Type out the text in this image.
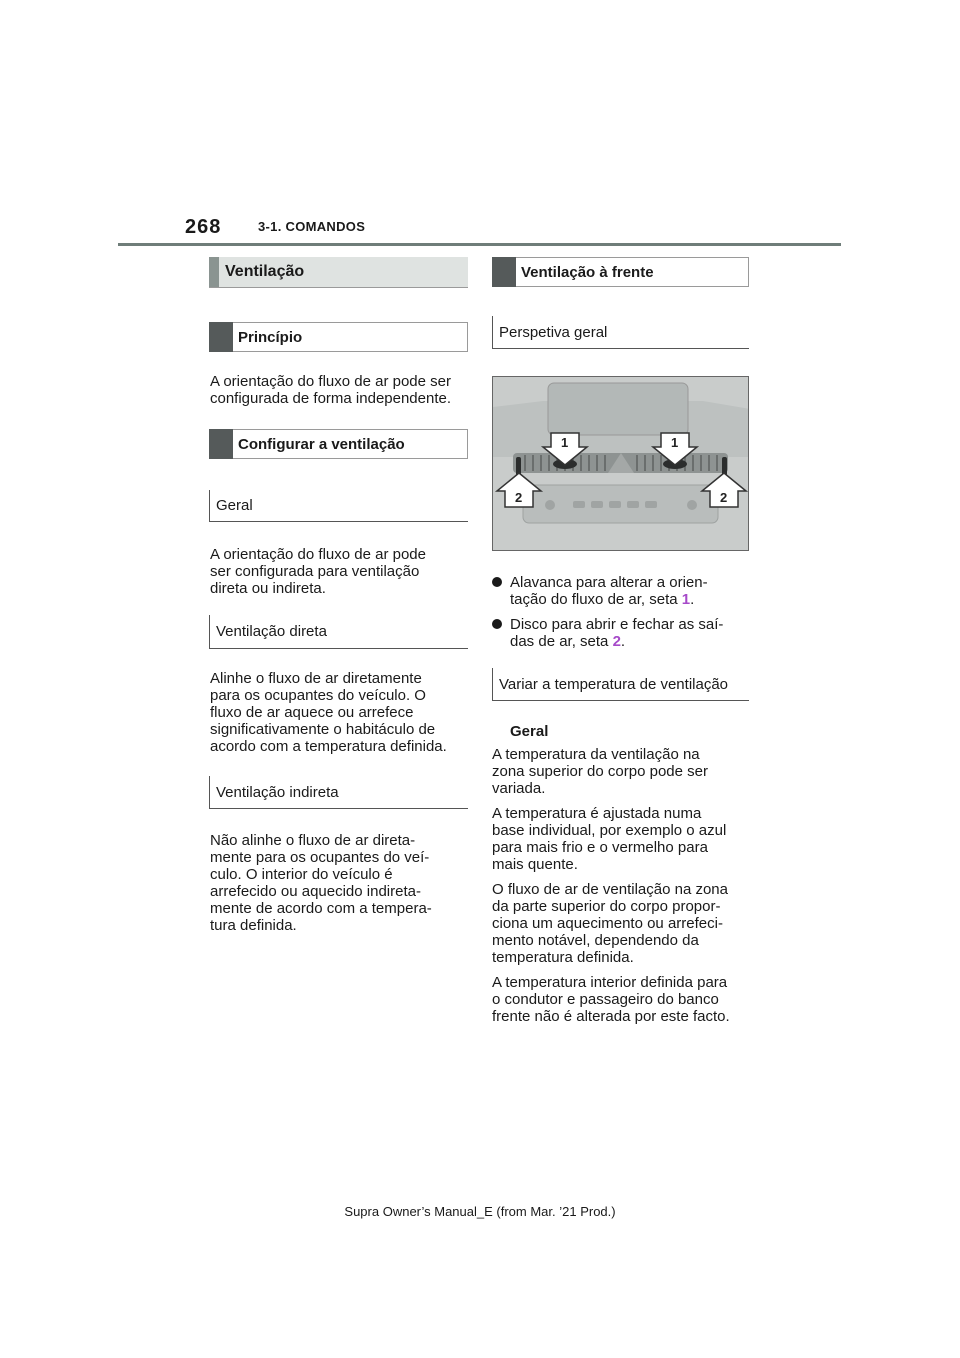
268	3-1. COMANDOS
Ventilação
Princípio
A orientação do fluxo de ar pode ser
configurada de forma independente.
Configurar a ventilação
Geral
A orientação do fluxo de ar pode
ser configurada para ventilação
direta ou indireta.
Ventilação direta
Alinhe o fluxo de ar diretamente
para os ocupantes do veículo. O
fluxo de ar aquece ou arrefece
significativamente o habitáculo de
acordo com a temperatura definida.
Ventilação indireta
Não alinhe o fluxo de ar direta-
mente para os ocupantes do veí-
culo. O interior do veículo é
arrefecido ou aquecido indireta-
mente de acordo com a tempera-
tura definida.
Ventilação à frente
Perspetiva geral
1	1
2	2
Alavanca para alterar a orien-
tação do fluxo de ar, seta 1.
Disco para abrir e fechar as saí-
das de ar, seta 2.
Variar a temperatura de ventilação
Geral
A temperatura da ventilação na
zona superior do corpo pode ser
variada.
A temperatura é ajustada numa
base individual, por exemplo o azul
para mais frio e o vermelho para
mais quente.
O fluxo de ar de ventilação na zona
da parte superior do corpo propor-
ciona um aquecimento ou arrefeci-
mento notável, dependendo da
temperatura definida.
A temperatura interior definida para
o condutor e passageiro do banco
frente não é alterada por este facto.
Supra Owner’s Manual_E (from Mar. ’21 Prod.)
